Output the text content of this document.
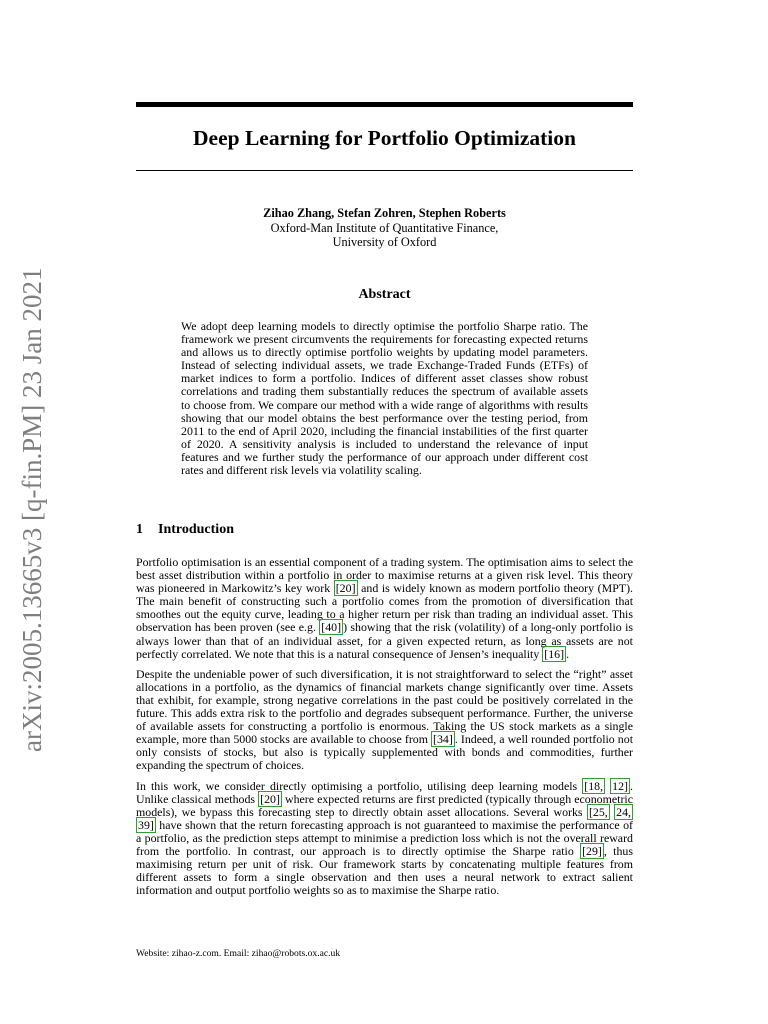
arXiv:2005.13665v3 [q-fin.PM] 23 Jan 2021
Deep Learning for Portfolio Optimization
Zihao Zhang, Stefan Zohren, Stephen Roberts
Oxford-Man Institute of Quantitative Finance,
University of Oxford
Abstract
We adopt deep learning models to directly optimise the portfolio Sharpe ratio. The framework we present circumvents the requirements for forecasting expected returns and allows us to directly optimise portfolio weights by updating model parameters. Instead of selecting individual assets, we trade Exchange-Traded Funds (ETFs) of market indices to form a portfolio. Indices of different asset classes show robust correlations and trading them substantially reduces the spectrum of available assets to choose from. We compare our method with a wide range of algorithms with results showing that our model obtains the best performance over the testing period, from 2011 to the end of April 2020, including the financial instabilities of the first quarter of 2020. A sensitivity analysis is included to understand the relevance of input features and we further study the performance of our approach under different cost rates and different risk levels via volatility scaling.
1 Introduction

Portfolio optimisation is an essential component of a trading system. The optimisation aims to select the best asset distribution within a portfolio in order to maximise returns at a given risk level. This theory was pioneered in Markowitz’s key work [20] and is widely known as modern portfolio theory (MPT). The main benefit of constructing such a portfolio comes from the promotion of diversification that smoothes out the equity curve, leading to a higher return per risk than trading an individual asset. This observation has been proven (see e.g. [40] ) showing that the risk (volatility) of a long-only portfolio is always lower than that of an individual asset, for a given expected return, as long as assets are not perfectly correlated. We note that this is a natural consequence of Jensen’s inequality [16] .

Despite the undeniable power of such diversification, it is not straightforward to select the “right” asset allocations in a portfolio, as the dynamics of financial markets change significantly over time. Assets that exhibit, for example, strong negative correlations in the past could be positively correlated in the future. This adds extra risk to the portfolio and degrades subsequent performance. Further, the universe of available assets for constructing a portfolio is enormous. Taking the US stock markets as a single example, more than 5000 stocks are available to choose from [34] . Indeed, a well rounded portfolio not only consists of stocks, but also is typically supplemented with bonds and commodities, further expanding the spectrum of choices.

In this work, we consider directly optimising a portfolio, utilising deep learning models [18, 12] . Unlike classical methods [20] where expected returns are first predicted (typically through econometric models), we bypass this forecasting step to directly obtain asset allocations. Several works [25, 24, 39] have shown that the return forecasting approach is not guaranteed to maximise the performance of a portfolio, as the prediction steps attempt to minimise a prediction loss which is not the overall reward from the portfolio. In contrast, our approach is to directly optimise the Sharpe ratio [29] , thus maximising return per unit of risk. Our framework starts by concatenating multiple features from different assets to form a single observation and then uses a neural network to extract salient information and output portfolio weights so as to maximise the Sharpe ratio.

Website: zihao-z.com. Email: zihao@robots.ox.ac.uk
